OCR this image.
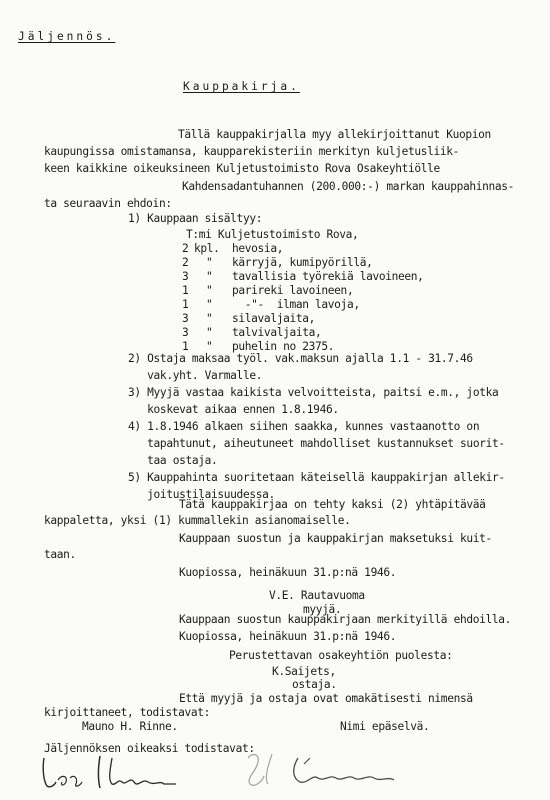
Jäljennös.
Kauppakirja.
Tällä kauppakirjalla myy allekirjoittanut Kuopion
kaupungissa omistamansa, kaupparekisteriin merkityn kuljetusliik-
keen kaikkine oikeuksineen Kuljetustoimisto Rova Osakeyhtiölle
Kahdensadantuhannen (200.000:-) markan kauppahinnas-
ta seuraavin ehdoin:
1) Kauppaan sisältyy:
T:mi Kuljetustoimisto Rova,
2 kpl. hevosia,
2 " kärryjä, kumipyörillä,
3 " tavallisia työrekiä lavoineen,
1 " parireki lavoineen,
1 " -"-  ilman lavoja,
3 " silavaljaita,
3 " talvivaljaita,
1 " puhelin no 2375.
2) Ostaja maksaa työl. vak.maksun ajalla 1.1 - 31.7.46
vak.yht. Varmalle.
3) Myyjä vastaa kaikista velvoitteista, paitsi e.m., jotka
koskevat aikaa ennen 1.8.1946.
4) 1.8.1946 alkaen siihen saakka, kunnes vastaanotto on
tapahtunut, aiheutuneet mahdolliset kustannukset suorit-
taa ostaja.
5) Kauppahinta suoritetaan käteisellä kauppakirjan allekir-
joitustilaisuudessa.
Tätä kauppakirjaa on tehty kaksi (2) yhtäpitävää
kappaletta, yksi (1) kummallekin asianomaiselle.
Kauppaan suostun ja kauppakirjan maksetuksi kuit-
taan.
Kuopiossa, heinäkuun 31.p:nä 1946.
V.E. Rautavuoma
myyjä.
Kauppaan suostun kauppakirjaan merkityillä ehdoilla.
Kuopiossa, heinäkuun 31.p:nä 1946.
Perustettavan osakeyhtiön puolesta:
K.Saijets,
ostaja.
Että myyjä ja ostaja ovat omakätisesti nimensä
kirjoittaneet, todistavat:
Mauno H. Rinne.	Nimi epäselvä.
Jäljennöksen oikeaksi todistavat:
